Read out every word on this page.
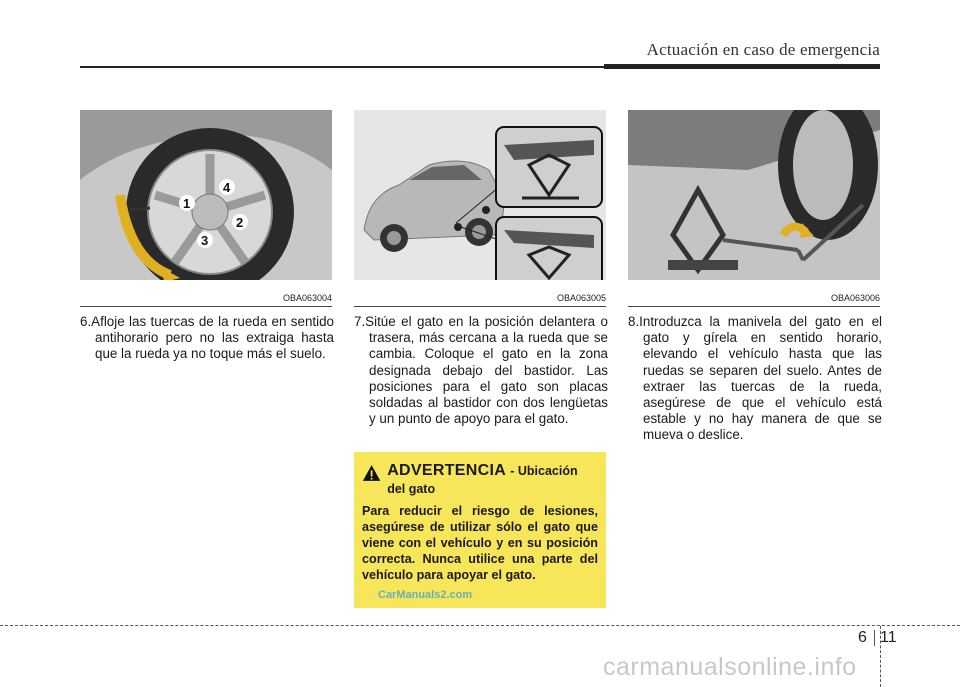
Actuación en caso de emergencia
1
2
3
4
OBA063004	OBA063005	OBA063006
6.Afloje las tuercas de la rueda en sentido antihorario pero no las extraiga hasta que la rueda ya no toque más el suelo.
7.Sitúe el gato en la posición delantera o trasera, más cercana a la rueda que se cambia. Coloque el gato en la zona designada debajo del bastidor. Las posiciones para el gato son placas soldadas al bastidor con dos lengüetas y un punto de apoyo para el gato.
8.Introduzca la manivela del gato en el gato y gírela en sentido horario, elevando el vehículo hasta que las ruedas se separen del suelo. Antes de extraer las tuercas de la rueda, asegúrese de que el vehículo está estable y no hay manera de que se mueva o deslice.
ADVERTENCIA - Ubicación del gato
Para reducir el riesgo de lesiones, asegúrese de utilizar sólo el gato que viene con el vehículo y en su posición correcta. Nunca utilice una parte del vehículo para apoyar el gato.
CarManuals2.com
6 11
carmanualsonline.info
